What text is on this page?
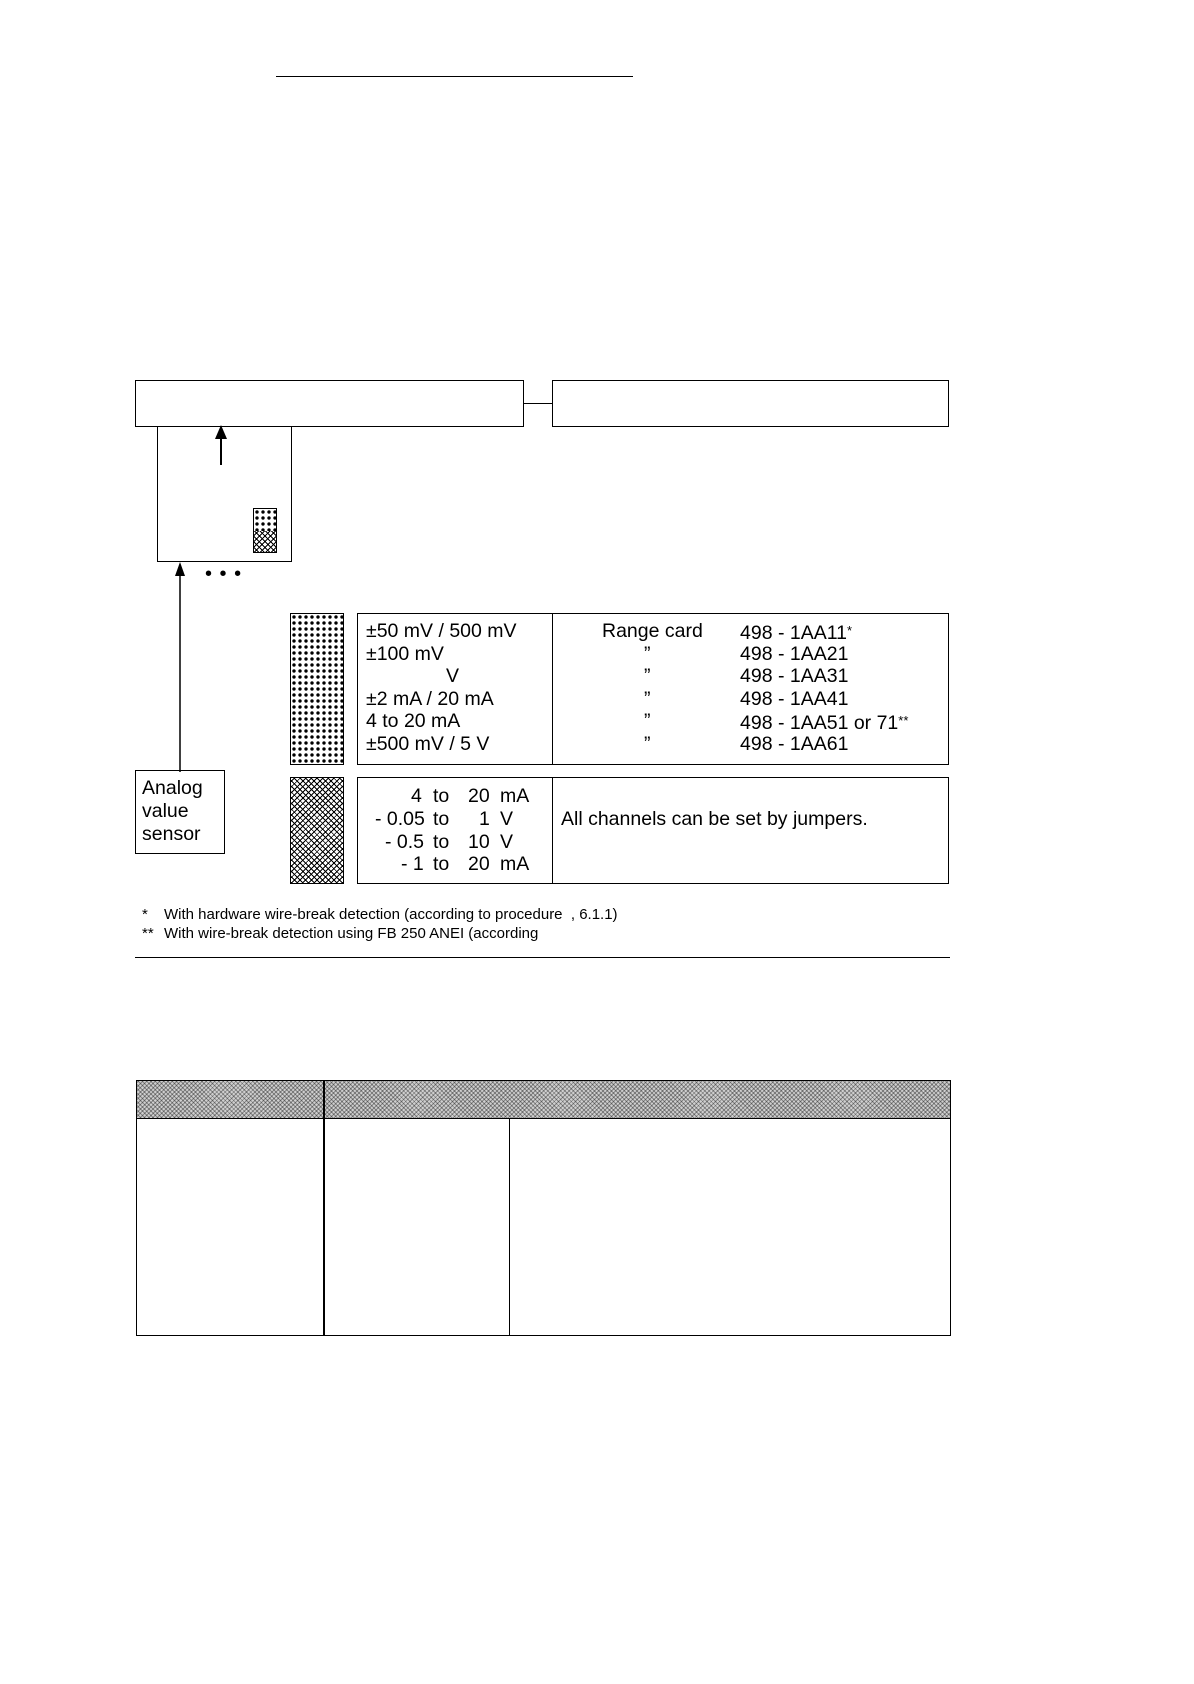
• • •
Analog
value
sensor
±50 mV / 500 mV
±100 mV
V
±2 mA / 20 mA
4 to 20 mA
±500 mV / 5 V
Range card
”
”
”
”
”
498 - 1AA11*
498 - 1AA21
498 - 1AA31
498 - 1AA41
498 - 1AA51 or 71**
498 - 1AA61
4 to 20 mA
- 0.05 to 1 V
- 0.5 to 10 V
- 1 to 20 mA
All channels can be set by jumpers.
* With hardware wire-break detection (according to procedure  , 6.1.1)
** With wire-break detection using FB 250 ANEI (according
